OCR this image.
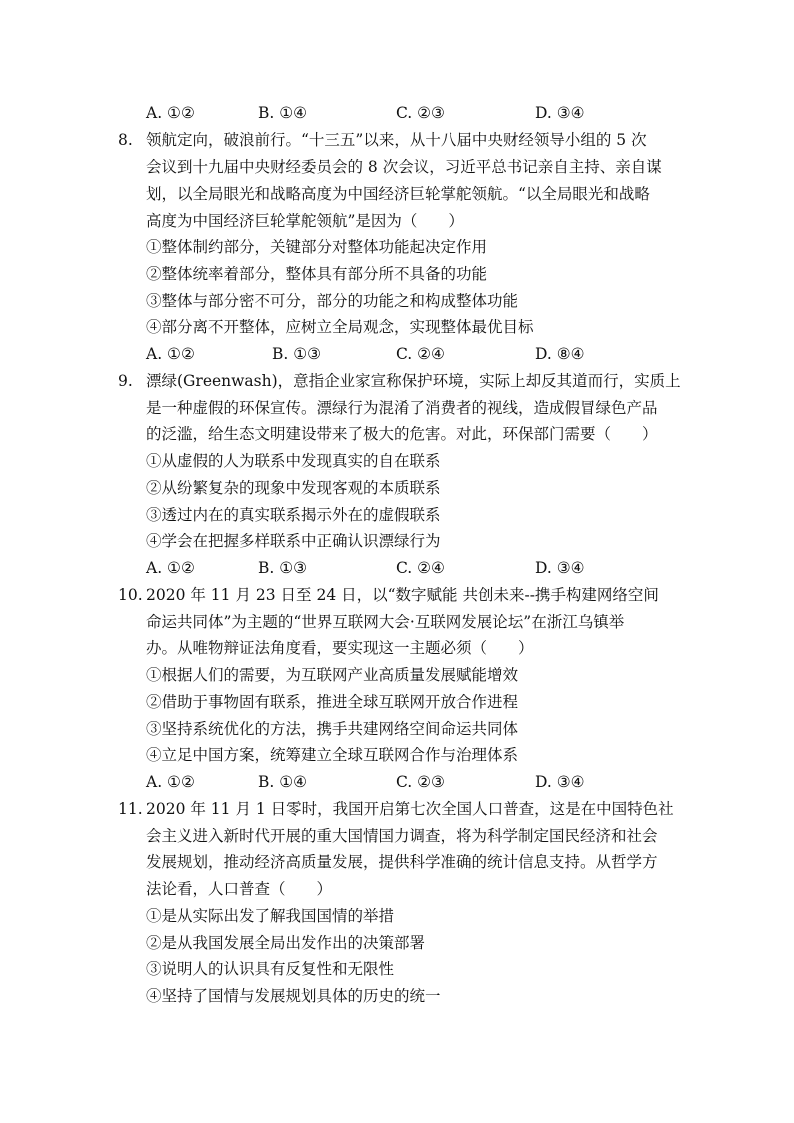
A. ①②	B. ①④	C. ②③	D. ③④
8. 领航定向，破浪前行。“十三五”以来，从十八届中央财经领导小组的 5 次
会议到十九届中央财经委员会的 8 次会议，习近平总书记亲自主持、亲自谋
划，以全局眼光和战略高度为中国经济巨轮掌舵领航。“以全局眼光和战略
高度为中国经济巨轮掌舵领航”是因为（　　）
①整体制约部分，关键部分对整体功能起决定作用
②整体统率着部分，整体具有部分所不具备的功能
③整体与部分密不可分，部分的功能之和构成整体功能
④部分离不开整体，应树立全局观念，实现整体最优目标
A. ①②	B. ①③	C. ②④	D. ⑧④
9. 漂绿(Greenwash)，意指企业家宣称保护环境，实际上却反其道而行，实质上
是一种虚假的环保宣传。漂绿行为混淆了消费者的视线，造成假冒绿色产品
的泛滥，给生态文明建设带来了极大的危害。对此，环保部门需要（　　）
①从虚假的人为联系中发现真实的自在联系
②从纷繁复杂的现象中发现客观的本质联系
③透过内在的真实联系揭示外在的虚假联系
④学会在把握多样联系中正确认识漂绿行为
A. ①②	B. ①③	C. ②④	D. ③④
10. 2020 年 11 月 23 日至 24 日，以“数字赋能 共创未来--携手构建网络空间
命运共同体”为主题的“世界互联网大会·互联网发展论坛”在浙江乌镇举
办。从唯物辩证法角度看，要实现这一主题必须（　　）
①根据人们的需要，为互联网产业高质量发展赋能增效
②借助于事物固有联系，推进全球互联网开放合作进程
③坚持系统优化的方法，携手共建网络空间命运共同体
④立足中国方案，统筹建立全球互联网合作与治理体系
A. ①②	B. ①④	C. ②③	D. ③④
11. 2020 年 11 月 1 日零时，我国开启第七次全国人口普查，这是在中国特色社
会主义进入新时代开展的重大国情国力调查，将为科学制定国民经济和社会
发展规划，推动经济高质量发展，提供科学准确的统计信息支持。从哲学方
法论看，人口普查（　　）
①是从实际出发了解我国国情的举措
②是从我国发展全局出发作出的决策部署
③说明人的认识具有反复性和无限性
④坚持了国情与发展规划具体的历史的统一
